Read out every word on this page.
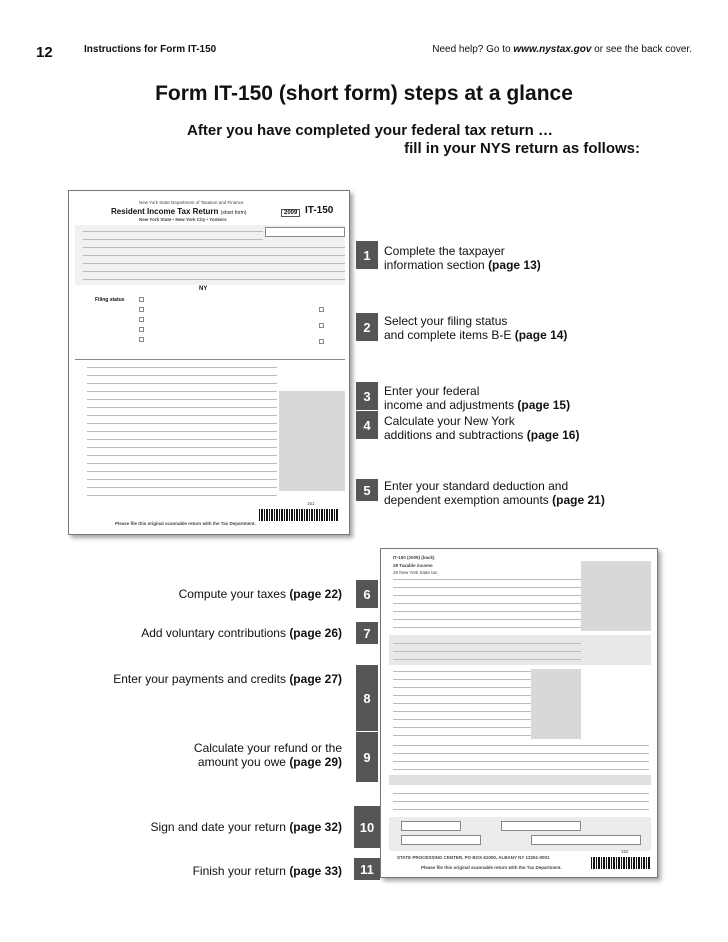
12	Instructions for Form IT-150	Need help? Go to www.nystax.gov or see the back cover.
Form IT-150 (short form) steps at a glance
After you have completed your federal tax return …
fill in your NYS return as follows:
New York State Department of Taxation and Finance
Resident Income Tax Return (short form)
New York State • New York City • Yonkers
2009 IT-150
NY
Filing status
Please file this original scannable return with the Tax Department.
151
IT-150 (2009) (back)
28 Taxable income
29 New York State tax
STATE PROCESSING CENTER, PO BOX 61000, ALBANY NY 12261-0001
Please file this original scannable return with the Tax Department.
152
1	Complete the taxpayer
information section (page 13)
2	Select your filing status
and complete items B-E (page 14)
3	Enter your federal
income and adjustments (page 15)
4	Calculate your New York
additions and subtractions (page 16)
5	Enter your standard deduction and
dependent exemption amounts (page 21)
Compute your taxes (page 22)	6
Add voluntary contributions (page 26)	7
Enter your payments and credits (page 27)
8
Calculate your refund or the
amount you owe (page 29)	9
Sign and date your return (page 32)	10
Finish your return (page 33)	11
